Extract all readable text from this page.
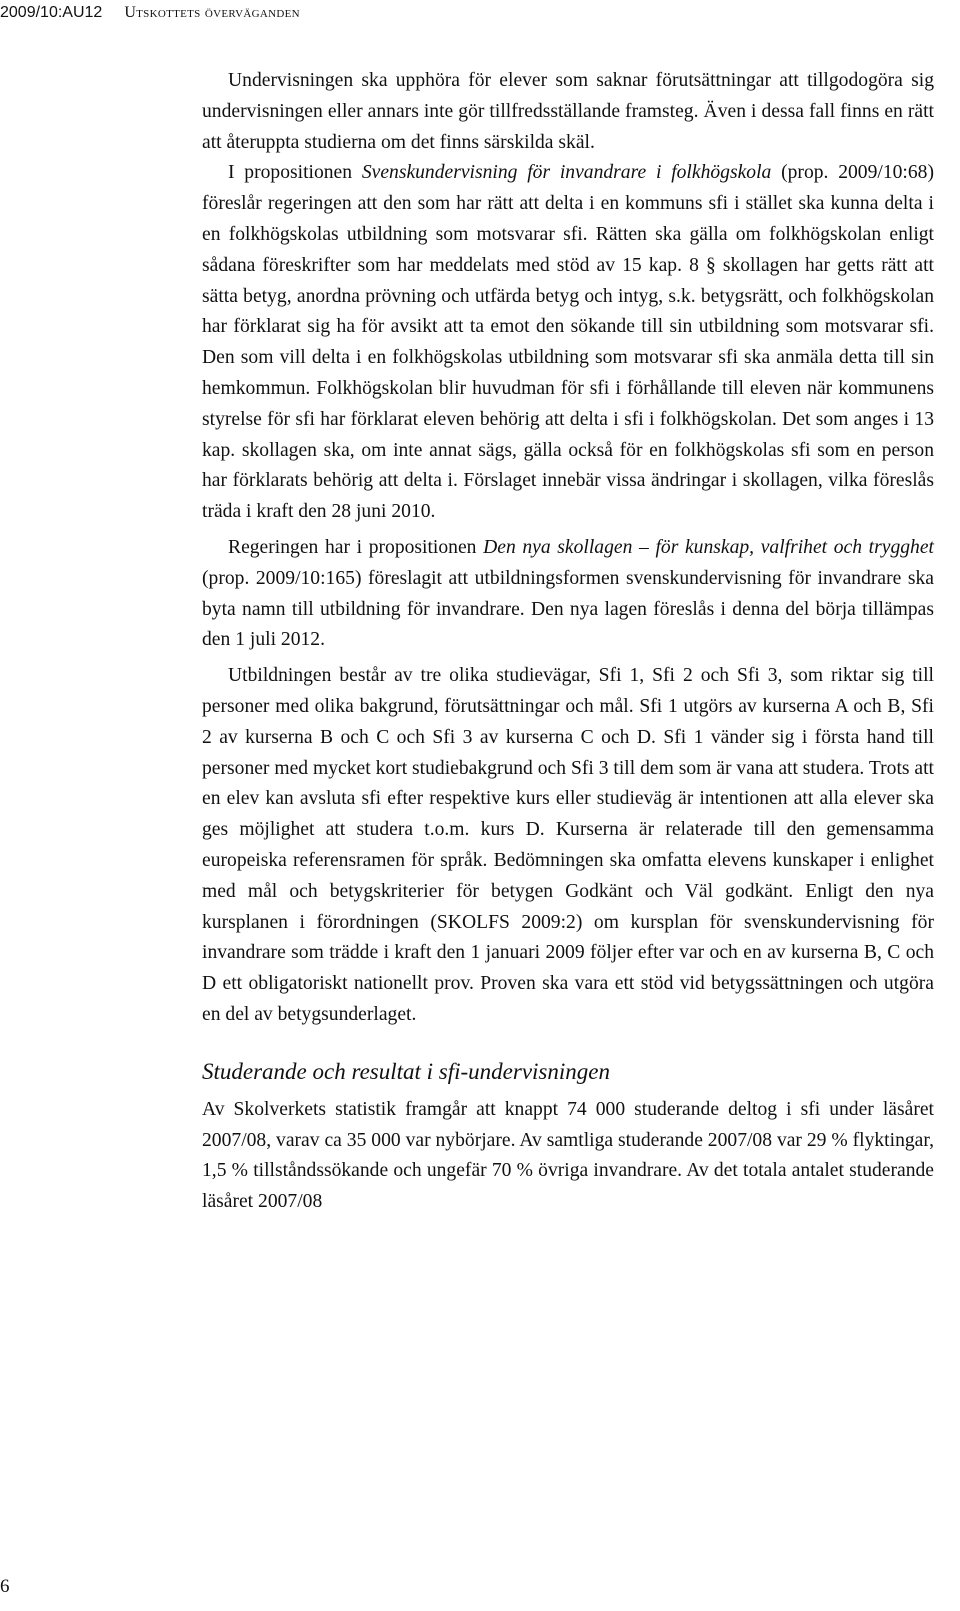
2009/10:AU12 Utskottets överväganden

Undervisningen ska upphöra för elever som saknar förutsättningar att tillgodogöra sig undervisningen eller annars inte gör tillfredsställande framsteg. Även i dessa fall finns en rätt att återuppta studierna om det finns särskilda skäl.

I propositionen Svenskundervisning för invandrare i folkhögskola (prop. 2009/10:68) föreslår regeringen att den som har rätt att delta i en kommuns sfi i stället ska kunna delta i en folkhögskolas utbildning som motsvarar sfi. Rätten ska gälla om folkhögskolan enligt sådana föreskrifter som har meddelats med stöd av 15 kap. 8 § skollagen har getts rätt att sätta betyg, anordna prövning och utfärda betyg och intyg, s.k. betygsrätt, och folkhögskolan har förklarat sig ha för avsikt att ta emot den sökande till sin utbildning som motsvarar sfi. Den som vill delta i en folkhögskolas utbildning som motsvarar sfi ska anmäla detta till sin hemkommun. Folkhögskolan blir huvudman för sfi i förhållande till eleven när kommunens styrelse för sfi har förklarat eleven behörig att delta i sfi i folkhögskolan. Det som anges i 13 kap. skollagen ska, om inte annat sägs, gälla också för en folkhögskolas sfi som en person har förklarats behörig att delta i. Förslaget innebär vissa ändringar i skollagen, vilka föreslås träda i kraft den 28 juni 2010.

Regeringen har i propositionen Den nya skollagen – för kunskap, valfrihet och trygghet (prop. 2009/10:165) föreslagit att utbildningsformen svenskundervisning för invandrare ska byta namn till utbildning för invandrare. Den nya lagen föreslås i denna del börja tillämpas den 1 juli 2012.

Utbildningen består av tre olika studievägar, Sfi 1, Sfi 2 och Sfi 3, som riktar sig till personer med olika bakgrund, förutsättningar och mål. Sfi 1 utgörs av kurserna A och B, Sfi 2 av kurserna B och C och Sfi 3 av kurserna C och D. Sfi 1 vänder sig i första hand till personer med mycket kort studiebakgrund och Sfi 3 till dem som är vana att studera. Trots att en elev kan avsluta sfi efter respektive kurs eller studieväg är intentionen att alla elever ska ges möjlighet att studera t.o.m. kurs D. Kurserna är relaterade till den gemensamma europeiska referensramen för språk. Bedömningen ska omfatta elevens kunskaper i enlighet med mål och betygskriterier för betygen Godkänt och Väl godkänt. Enligt den nya kursplanen i förordningen (SKOLFS 2009:2) om kursplan för svenskundervisning för invandrare som trädde i kraft den 1 januari 2009 följer efter var och en av kurserna B, C och D ett obligatoriskt nationellt prov. Proven ska vara ett stöd vid betygssättningen och utgöra en del av betygsunderlaget.

Studerande och resultat i sfi-undervisningen

Av Skolverkets statistik framgår att knappt 74 000 studerande deltog i sfi under läsåret 2007/08, varav ca 35 000 var nybörjare. Av samtliga studerande 2007/08 var 29 % flyktingar, 1,5 % tillståndssökande och ungefär 70 % övriga invandrare. Av det totala antalet studerande läsåret 2007/08

6
